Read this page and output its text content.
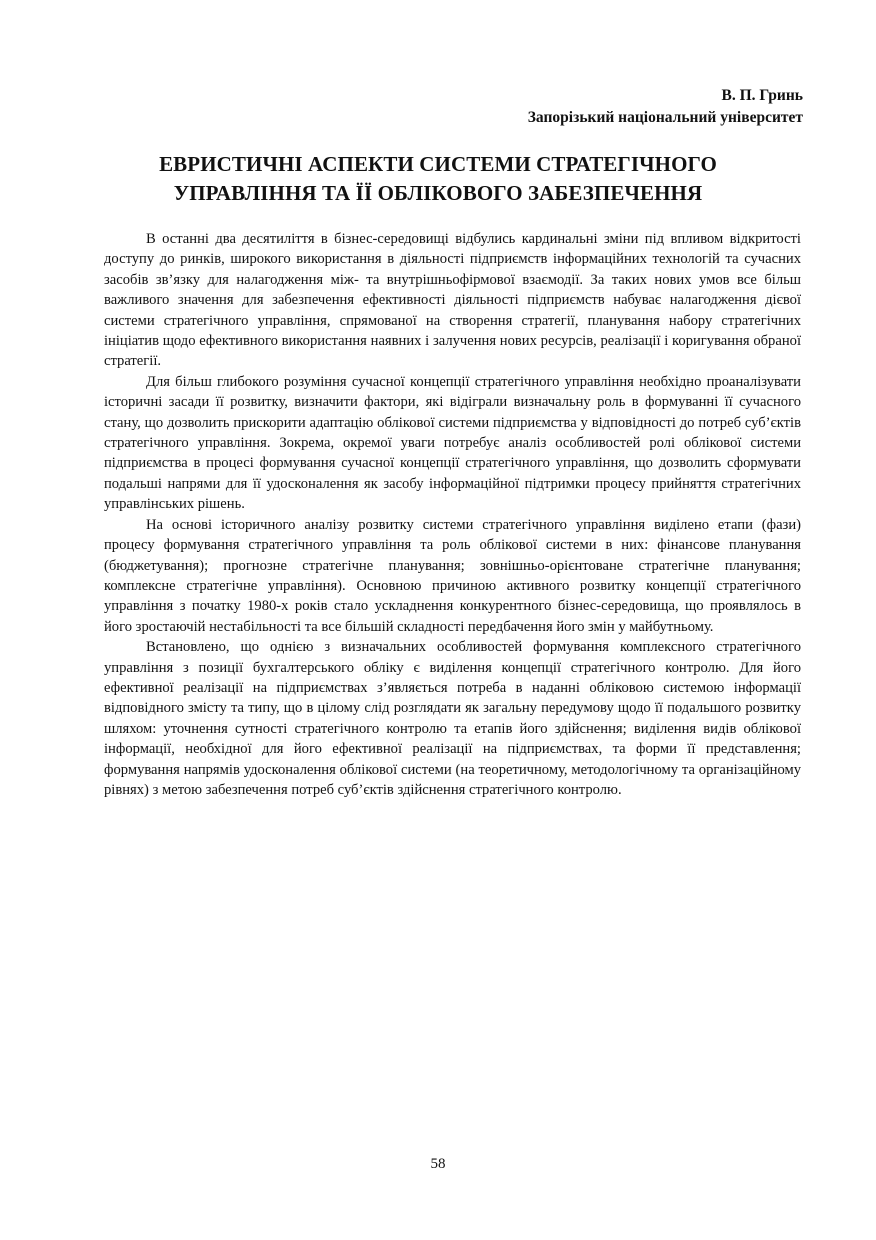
В. П. Гринь
Запорізький національний університет
ЕВРИСТИЧНІ АСПЕКТИ СИСТЕМИ СТРАТЕГІЧНОГО
УПРАВЛІННЯ ТА ЇЇ ОБЛІКОВОГО ЗАБЕЗПЕЧЕННЯ

В останні два десятиліття в бізнес-середовищі відбулись кардинальні зміни під впливом відкритості доступу до ринків, широкого використання в діяльності підприємств інформаційних технологій та сучасних засобів зв’язку для налагодження між- та внутрішньофірмової взаємодії. За таких нових умов все більш важливого значення для забезпечення ефективності діяльності підприємств набуває налагодження дієвої системи стратегічного управління, спрямованої на створення стратегії, планування набору стратегічних ініціатив щодо ефективного використання наявних і залучення нових ресурсів, реалізації і коригування обраної стратегії.

Для більш глибокого розуміння сучасної концепції стратегічного управління необхідно проаналізувати історичні засади її розвитку, визначити фактори, які відіграли визначальну роль в формуванні її сучасного стану, що дозволить прискорити адаптацію облікової системи підприємства у відповідності до потреб суб’єктів стратегічного управління. Зокрема, окремої уваги потребує аналіз особливостей ролі облікової системи підприємства в процесі формування сучасної концепції стратегічного управління, що дозволить сформувати подальші напрями для її удосконалення як засобу інформаційної підтримки процесу прийняття стратегічних управлінських рішень.

На основі історичного аналізу розвитку системи стратегічного управління виділено етапи (фази) процесу формування стратегічного управління та роль облікової системи в них: фінансове планування (бюджетування); прогнозне стратегічне планування; зовнішньо-орієнтоване стратегічне планування; комплексне стратегічне управління). Основною причиною активного розвитку концепції стратегічного управління з початку 1980-х років стало ускладнення конкурентного бізнес-середовища, що проявлялось в його зростаючій нестабільності та все більшій складності передбачення його змін у майбутньому.

Встановлено, що однією з визначальних особливостей формування комплексного стратегічного управління з позиції бухгалтерського обліку є виділення концепції стратегічного контролю. Для його ефективної реалізації на підприємствах з’являється потреба в наданні обліковою системою інформації відповідного змісту та типу, що в цілому слід розглядати як загальну передумову щодо її подальшого розвитку шляхом: уточнення сутності стратегічного контролю та етапів його здійснення; виділення видів облікової інформації, необхідної для його ефективної реалізації на підприємствах, та форми її представлення; формування напрямів удосконалення облікової системи (на теоретичному, методологічному та організаційному рівнях) з метою забезпечення потреб суб’єктів здійснення стратегічного контролю.

58
